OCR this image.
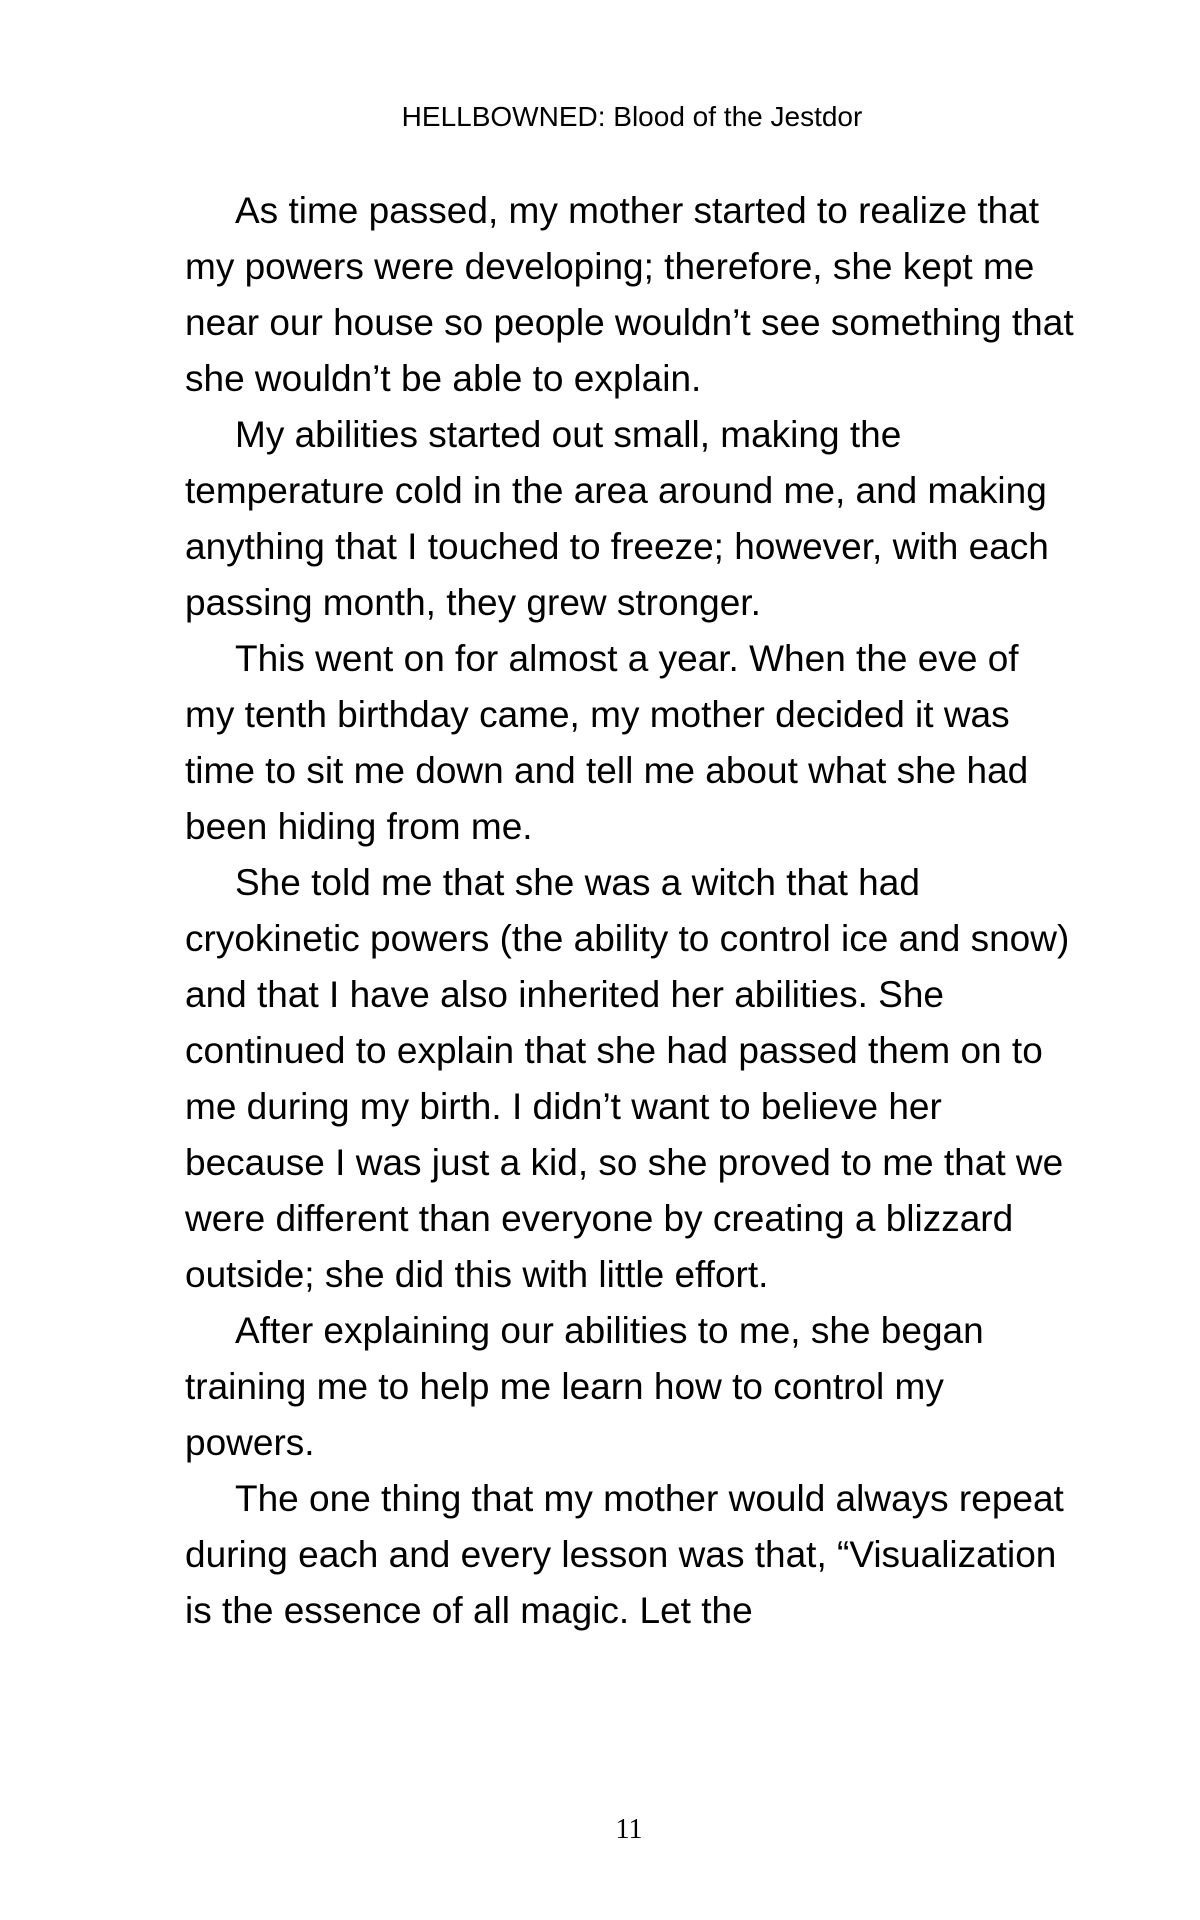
HELLBOWNED: Blood of the Jestdor

As time passed, my mother started to realize that my powers were developing; therefore, she kept me near our house so people wouldn’t see something that she wouldn’t be able to explain.

My abilities started out small, making the temperature cold in the area around me, and making anything that I touched to freeze; however, with each passing month, they grew stronger.

This went on for almost a year. When the eve of my tenth birthday came, my mother decided it was time to sit me down and tell me about what she had been hiding from me.

She told me that she was a witch that had cryokinetic powers (the ability to control ice and snow) and that I have also inherited her abilities. She continued to explain that she had passed them on to me during my birth. I didn’t want to believe her because I was just a kid, so she proved to me that we were different than everyone by creating a blizzard outside; she did this with little effort.

After explaining our abilities to me, she began training me to help me learn how to control my powers.

The one thing that my mother would always repeat during each and every lesson was that, “Visualization is the essence of all magic. Let the

11
